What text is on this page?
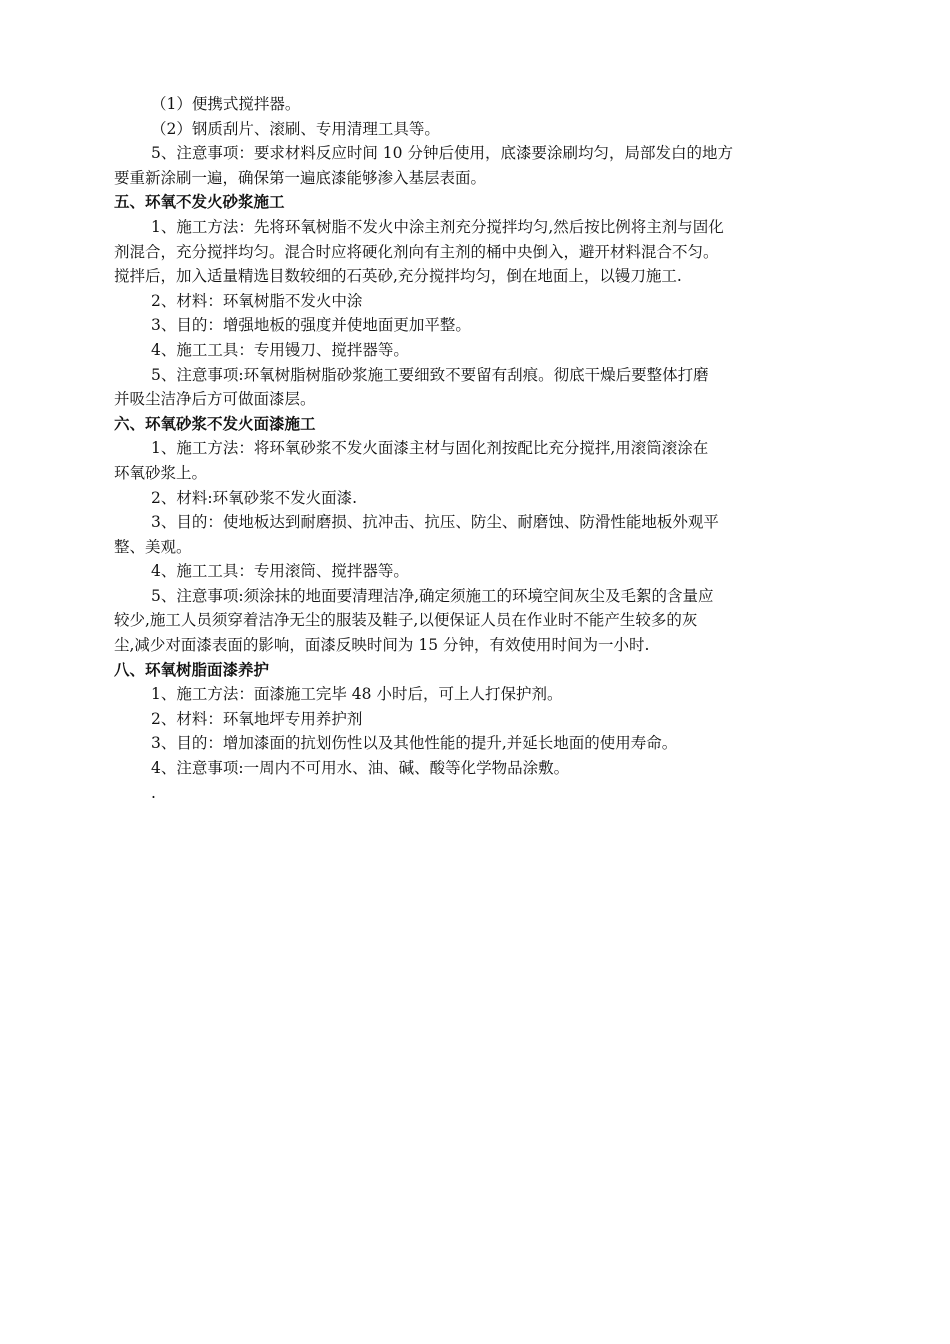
（1）便携式搅拌器。
（2）钢质刮片、滚刷、专用清理工具等。
5、注意事项：要求材料反应时间 10 分钟后使用，底漆要涂刷均匀，局部发白的地方
要重新涂刷一遍，确保第一遍底漆能够渗入基层表面。
五、环氧不发火砂浆施工
1、施工方法：先将环氧树脂不发火中涂主剂充分搅拌均匀,然后按比例将主剂与固化
剂混合，充分搅拌均匀。混合时应将硬化剂向有主剂的桶中央倒入，避开材料混合不匀。
搅拌后，加入适量精选目数较细的石英砂,充分搅拌均匀，倒在地面上，以镘刀施工.
2、材料：环氧树脂不发火中涂
3、目的：增强地板的强度并使地面更加平整。
4、施工工具：专用镘刀、搅拌器等。
5、注意事项:环氧树脂树脂砂浆施工要细致不要留有刮痕。彻底干燥后要整体打磨
并吸尘洁净后方可做面漆层。
六、环氧砂浆不发火面漆施工
1、施工方法：将环氧砂浆不发火面漆主材与固化剂按配比充分搅拌,用滚筒滚涂在
环氧砂浆上。
2、材料:环氧砂浆不发火面漆.
3、目的：使地板达到耐磨损、抗冲击、抗压、防尘、耐磨蚀、防滑性能地板外观平
整、美观。
4、施工工具：专用滚筒、搅拌器等。
5、注意事项:须涂抹的地面要清理洁净,确定须施工的环境空间灰尘及毛絮的含量应
较少,施工人员须穿着洁净无尘的服装及鞋子,以便保证人员在作业时不能产生较多的灰
尘,减少对面漆表面的影响，面漆反映时间为 15 分钟，有效使用时间为一小时.
八、环氧树脂面漆养护
1、施工方法：面漆施工完毕 48 小时后，可上人打保护剂。
2、材料：环氧地坪专用养护剂
3、目的：增加漆面的抗划伤性以及其他性能的提升,并延长地面的使用寿命。
4、注意事项:一周内不可用水、油、碱、酸等化学物品涂敷。
.
